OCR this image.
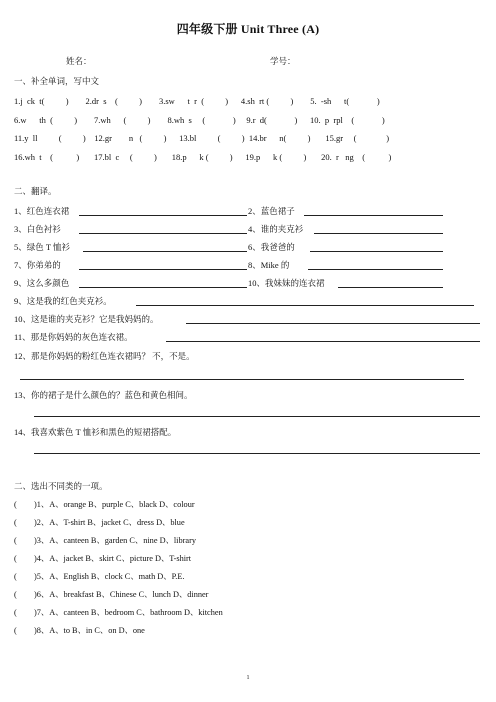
四年级下册 Unit Three (A)
姓名：	学号：
一、补全单词，写中文
1.j  ck  t(          )        2.dr  s    (          )        3.sw      t  r  (          )      4.sh  rt (          )        5.  -sh      t(             )
6.w      th  (          )        7.wh      (          )        8.wh  s     (             )     9.r  d(             )      10.  p  rpl    (             )
11.y  ll          (          )    12.gr        n   (          )      13.bl          (          )  14.br      n(          )       15.gr     (              )
16.wh  t    (           )       17.bl  c     (          )       18.p      k (          )      19.p      k (          )       20.  r   ng    (           )
二、翻译。
1、红色连衣裙	2、蓝色裙子
3、白色衬衫	4、谁的夹克衫
5、绿色 T 恤衫	6、我爸爸的
7、你弟弟的	8、Mike 的
9、这么多颜色	10、我妹妹的连衣裙
9、这是我的红色夹克衫。
10、这是谁的夹克衫？它是我妈妈的。
11、那是你妈妈的灰色连衣裙。
12、那是你妈妈的粉红色连衣裙吗？ 不，不是。
13、你的裙子是什么颜色的？蓝色和黄色相间。
14、我喜欢紫色 T 恤衫和黑色的短裙搭配。
二、选出不同类的一项。
( )1、A、orange B、purple C、black D、colour
( )2、A、T-shirt B、jacket C、dress D、blue
( )3、A、canteen B、garden C、nine D、library
( )4、A、jacket B、skirt C、picture D、T-shirt
( )5、A、English B、clock C、math D、P.E.
( )6、A、breakfast B、Chinese C、lunch D、dinner
( )7、A、canteen B、bedroom C、bathroom D、kitchen
( )8、A、to B、in C、on D、one
1
